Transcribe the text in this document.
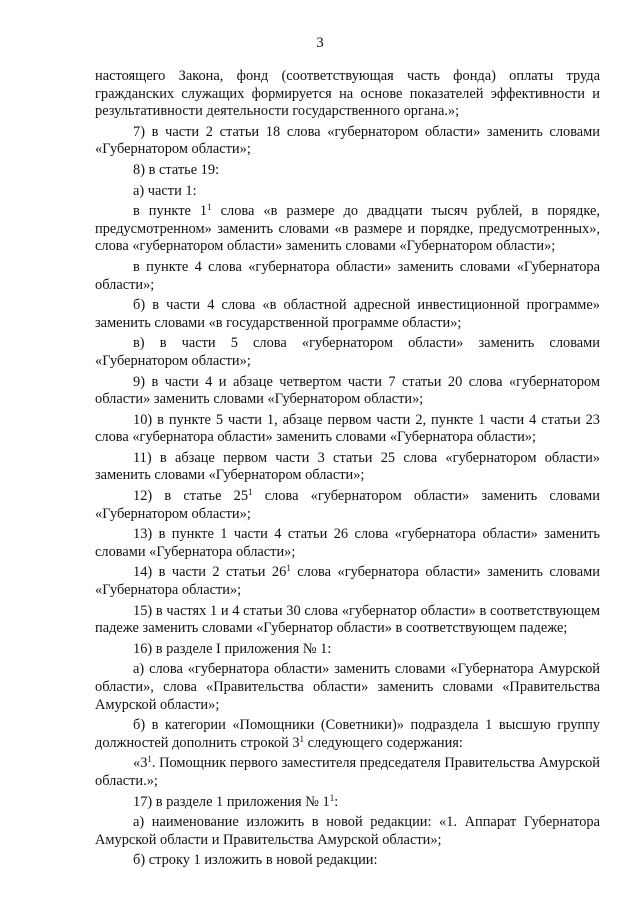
3

настоящего Закона, фонд (соответствующая часть фонда) оплаты труда гражданских служащих формируется на основе показателей эффективности и результативности деятельности государственного органа.»;

7) в части 2 статьи 18 слова «губернатором области» заменить словами «Губернатором области»;

8) в статье 19:

а) части 1:

в пункте $1^1$ слова «в размере до двадцати тысяч рублей, в порядке, предусмотренном» заменить словами «в размере и порядке, предусмотренных», слова «губернатором области» заменить словами «Губернатором области»;

в пункте 4 слова «губернатора области» заменить словами «Губернатора области»;

б) в части 4 слова «в областной адресной инвестиционной программе» заменить словами «в государственной программе области»;

в) в части 5 слова «губернатором области» заменить словами «Губернатором области»;

9) в части 4 и абзаце четвертом части 7 статьи 20 слова «губернатором области» заменить словами «Губернатором области»;

10) в пункте 5 части 1, абзаце первом части 2, пункте 1 части 4 статьи 23 слова «губернатора области» заменить словами «Губернатора области»;

11) в абзаце первом части 3 статьи 25 слова «губернатором области» заменить словами «Губернатором области»;

12) в статье $25^1$ слова «губернатором области» заменить словами «Губернатором области»;

13) в пункте 1 части 4 статьи 26 слова «губернатора области» заменить словами «Губернатора области»;

14) в части 2 статьи $26^1$ слова «губернатора области» заменить словами «Губернатора области»;

15) в частях 1 и 4 статьи 30 слова «губернатор области» в соответствующем падеже заменить словами «Губернатор области» в соответствующем падеже;

16) в разделе I приложения № 1:

а) слова «губернатора области» заменить словами «Губернатора Амурской области», слова «Правительства области» заменить словами «Правительства Амурской области»;

б) в категории «Помощники (Советники)» подраздела 1 высшую группу должностей дополнить строкой $3^1$ следующего содержания:

«$3^1$. Помощник первого заместителя председателя Правительства Амурской области.»;

17) в разделе 1 приложения № $1^1$:

а) наименование изложить в новой редакции: «1. Аппарат Губернатора Амурской области и Правительства Амурской области»;

б) строку 1 изложить в новой редакции:
